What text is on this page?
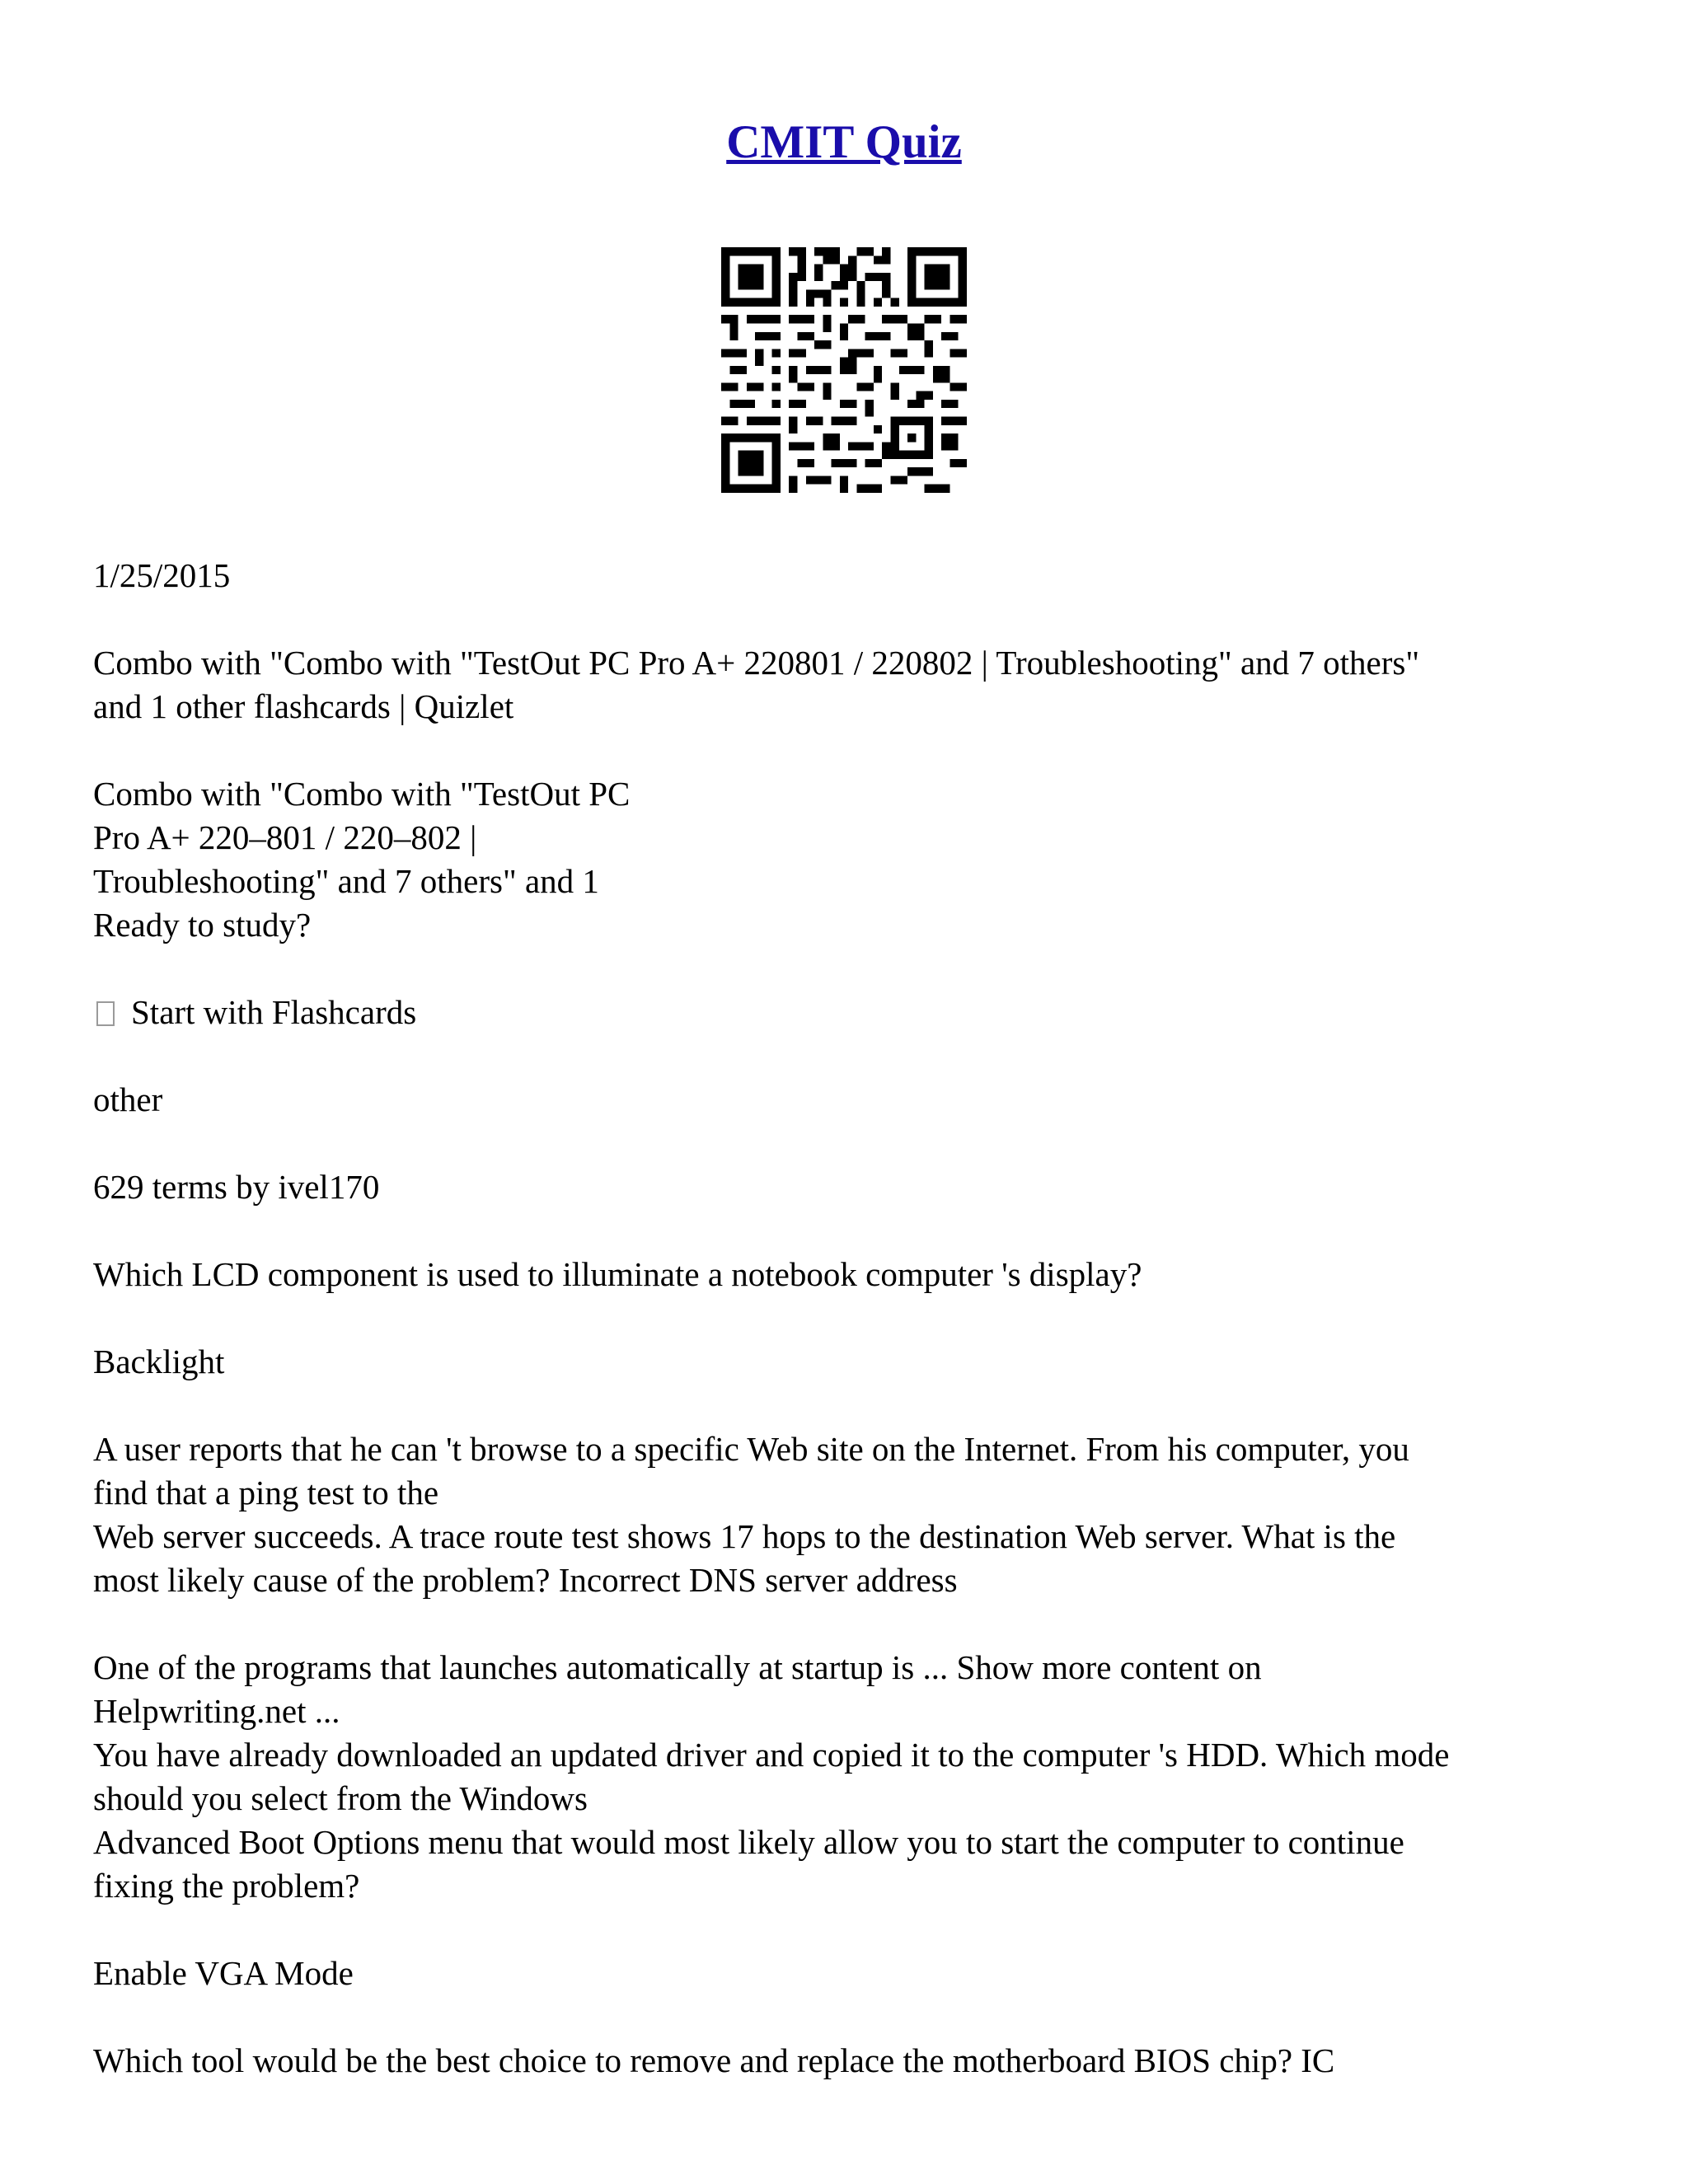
CMIT Quiz

1/25/2015

Combo with "Combo with "TestOut PC Pro A+ 220801 / 220802 | Troubleshooting" and 7 others"
and 1 other flashcards | Quizlet

Combo with "Combo with "TestOut PC
Pro A+ 220–801 / 220–802 |
Troubleshooting" and 7 others" and 1
Ready to study?

Start with Flashcards

other

629 terms by ivel170

Which LCD component is used to illuminate a notebook computer 's display?

Backlight

A user reports that he can 't browse to a specific Web site on the Internet. From his computer, you
find that a ping test to the
Web server succeeds. A trace route test shows 17 hops to the destination Web server. What is the
most likely cause of the problem? Incorrect DNS server address

One of the programs that launches automatically at startup is ... Show more content on
Helpwriting.net ...
You have already downloaded an updated driver and copied it to the computer 's HDD. Which mode
should you select from the Windows
Advanced Boot Options menu that would most likely allow you to start the computer to continue
fixing the problem?

Enable VGA Mode

Which tool would be the best choice to remove and replace the motherboard BIOS chip? IC
